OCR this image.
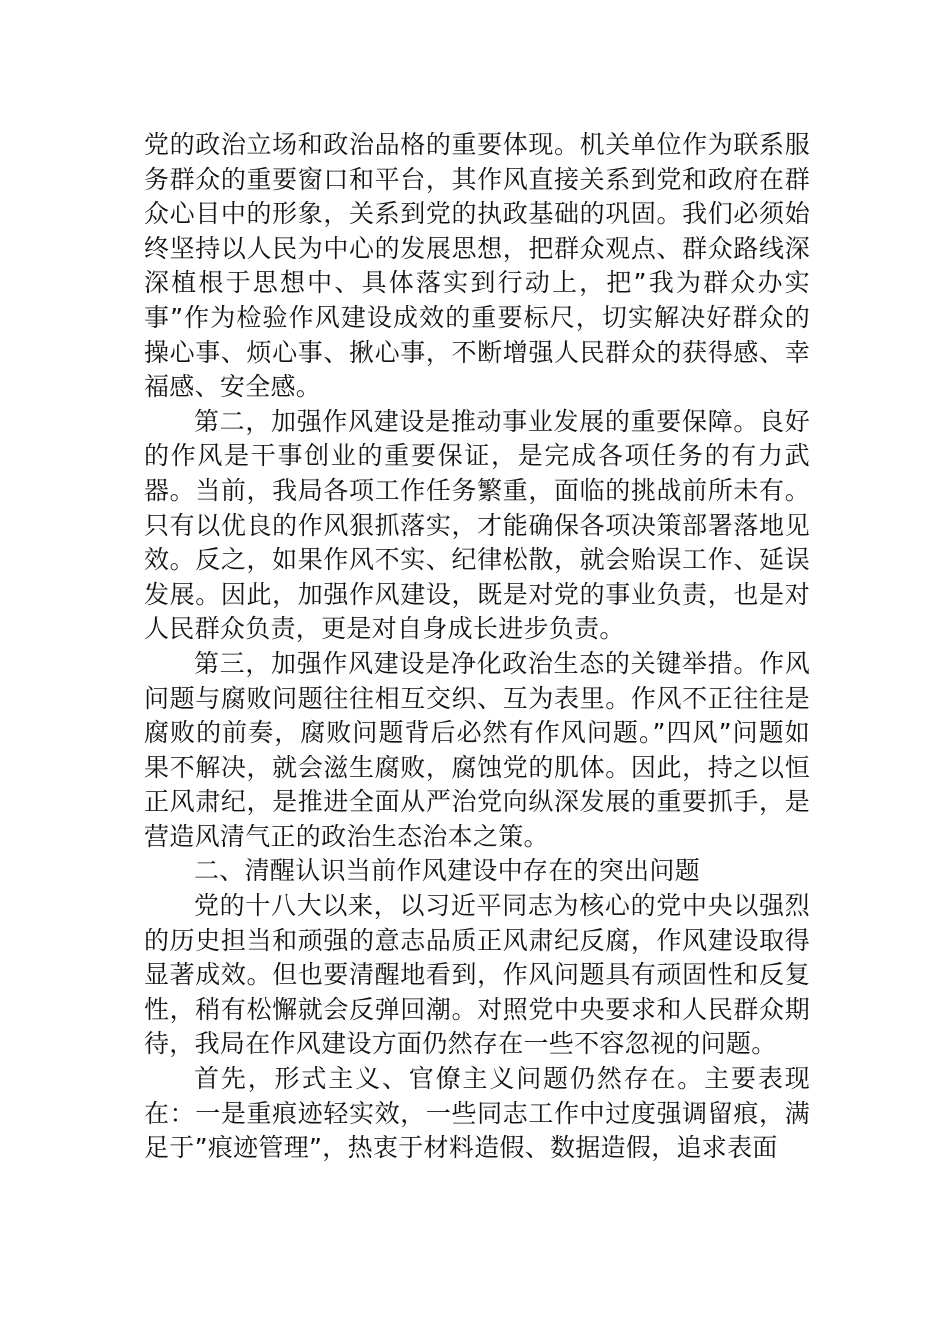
党的政治立场和政治品格的重要体现。机关单位作为联系服务群众的重要窗口和平台，其作风直接关系到党和政府在群众心目中的形象，关系到党的执政基础的巩固。我们必须始终坚持以人民为中心的发展思想，把群众观点、群众路线深深植根于思想中、具体落实到行动上，把”我为群众办实事”作为检验作风建设成效的重要标尺，切实解决好群众的操心事、烦心事、揪心事，不断增强人民群众的获得感、幸福感、安全感。

第二，加强作风建设是推动事业发展的重要保障。良好的作风是干事创业的重要保证，是完成各项任务的有力武器。当前，我局各项工作任务繁重，面临的挑战前所未有。只有以优良的作风狠抓落实，才能确保各项决策部署落地见效。反之，如果作风不实、纪律松散，就会贻误工作、延误发展。因此，加强作风建设，既是对党的事业负责，也是对人民群众负责，更是对自身成长进步负责。

第三，加强作风建设是净化政治生态的关键举措。作风问题与腐败问题往往相互交织、互为表里。作风不正往往是腐败的前奏，腐败问题背后必然有作风问题。”四风”问题如果不解决，就会滋生腐败，腐蚀党的肌体。因此，持之以恒正风肃纪，是推进全面从严治党向纵深发展的重要抓手，是营造风清气正的政治生态治本之策。

二、清醒认识当前作风建设中存在的突出问题

党的十八大以来，以习近平同志为核心的党中央以强烈的历史担当和顽强的意志品质正风肃纪反腐，作风建设取得显著成效。但也要清醒地看到，作风问题具有顽固性和反复性，稍有松懈就会反弹回潮。对照党中央要求和人民群众期待，我局在作风建设方面仍然存在一些不容忽视的问题。

首先，形式主义、官僚主义问题仍然存在。主要表现在：一是重痕迹轻实效，一些同志工作中过度强调留痕，满足于”痕迹管理”，热衷于材料造假、数据造假，追求表面
